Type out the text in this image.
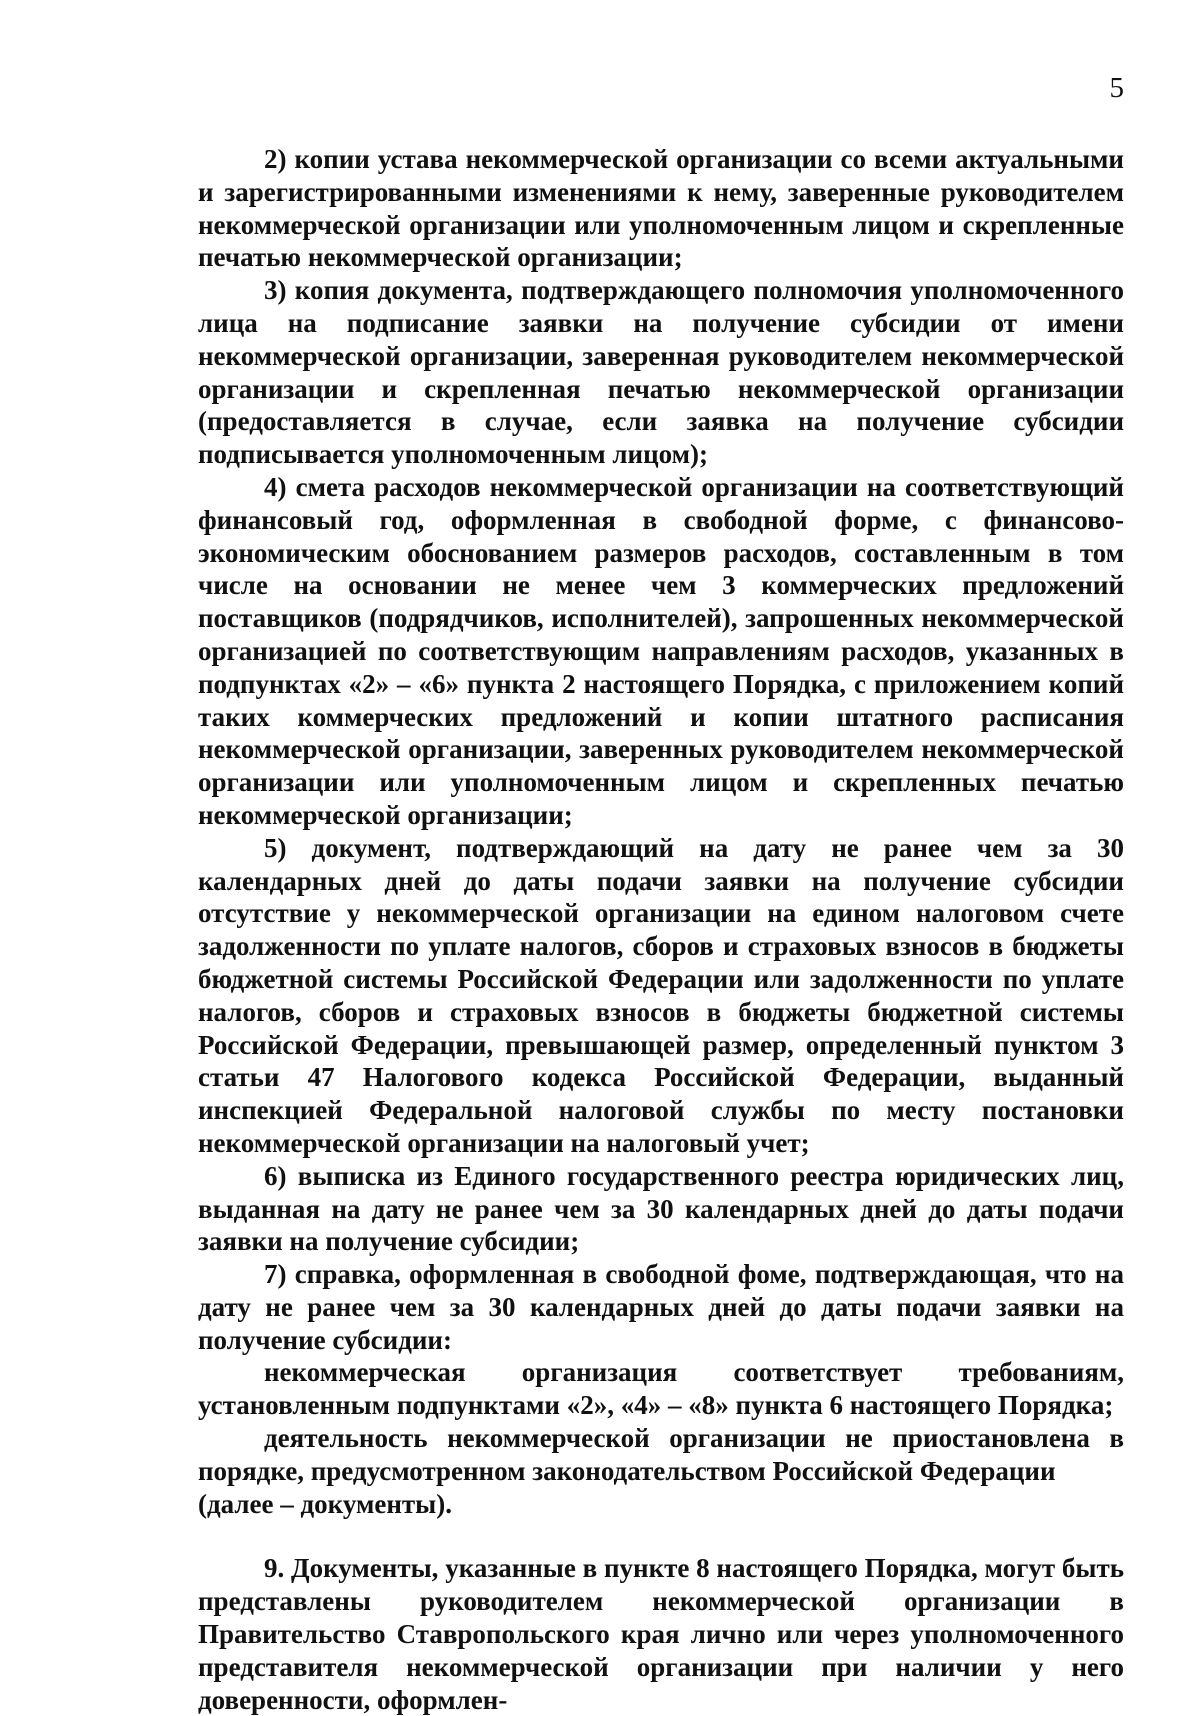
5

2) копии устава некоммерческой организации со всеми актуальными и зарегистрированными изменениями к нему, заверенные руководителем некоммерческой организации или уполномоченным лицом и скрепленные печатью некоммерческой организации;

3) копия документа, подтверждающего полномочия уполномоченного лица на подписание заявки на получение субсидии от имени некоммерческой организации, заверенная руководителем некоммерческой организации и скрепленная печатью некоммерческой организации (предоставляется в случае, если заявка на получение субсидии подписывается уполномоченным лицом);

4) смета расходов некоммерческой организации на соответствующий финансовый год, оформленная в свободной форме, с финансово-экономическим обоснованием размеров расходов, составленным в том числе на основании не менее чем 3 коммерческих предложений поставщиков (подрядчиков, исполнителей), запрошенных некоммерческой организацией по соответствующим направлениям расходов, указанных в подпунктах «2» – «6» пункта 2 настоящего Порядка, с приложением копий таких коммерческих предложений и копии штатного расписания некоммерческой организации, заверенных руководителем некоммерческой организации или уполномоченным лицом и скрепленных печатью некоммерческой организации;

5) документ, подтверждающий на дату не ранее чем за 30 календарных дней до даты подачи заявки на получение субсидии отсутствие у некоммерческой организации на едином налоговом счете задолженности по уплате налогов, сборов и страховых взносов в бюджеты бюджетной системы Российской Федерации или задолженности по уплате налогов, сборов и страховых взносов в бюджеты бюджетной системы Российской Федерации, превышающей размер, определенный пунктом 3 статьи 47 Налогового кодекса Российской Федерации, выданный инспекцией Федеральной налоговой службы по месту постановки некоммерческой организации на налоговый учет;

6) выписка из Единого государственного реестра юридических лиц, выданная на дату не ранее чем за 30 календарных дней до даты подачи заявки на получение субсидии;

7) справка, оформленная в свободной фоме, подтверждающая, что на дату не ранее чем за 30 календарных дней до даты подачи заявки на получение субсидии:

некоммерческая организация соответствует требованиям, установленным подпунктами «2», «4» – «8» пункта 6 настоящего Порядка;

деятельность некоммерческой организации не приостановлена в порядке, предусмотренном законодательством Российской Федерации

(далее – документы).

9. Документы, указанные в пункте 8 настоящего Порядка, могут быть представлены руководителем некоммерческой организации в Правительство Ставропольского края лично или через уполномоченного представителя некоммерческой организации при наличии у него доверенности, оформлен-
